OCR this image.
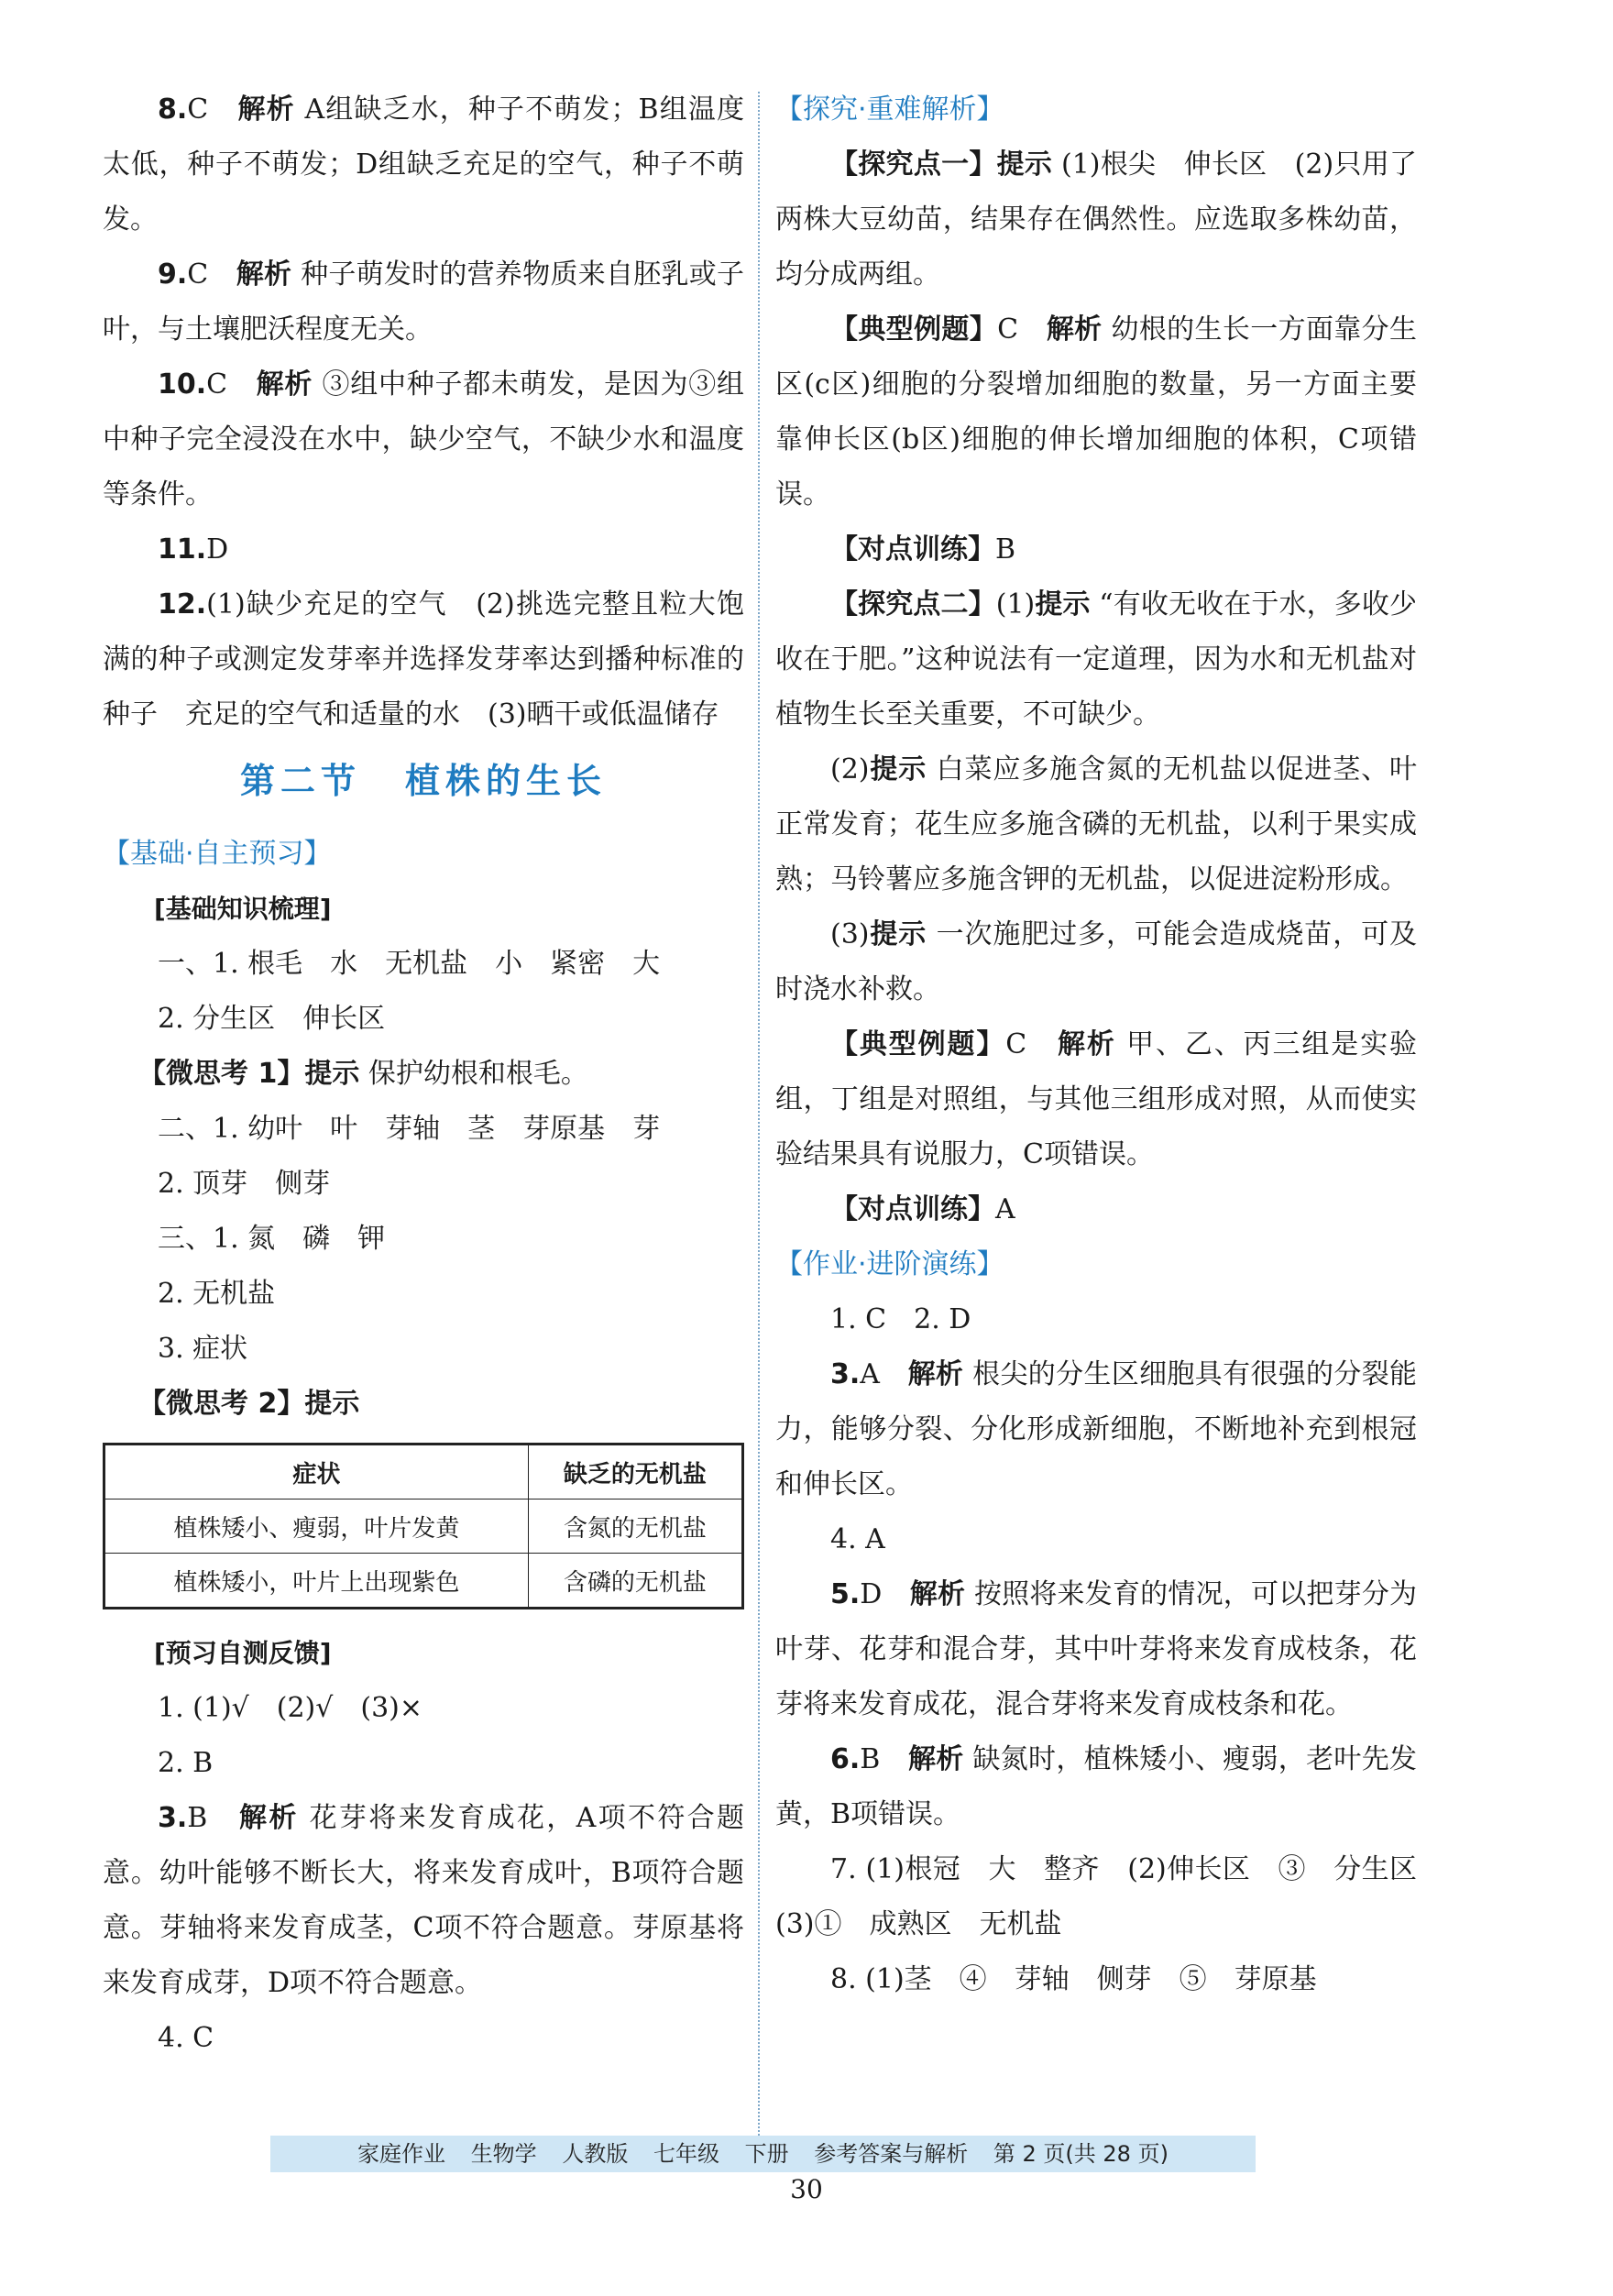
8.C　 解析 A组缺乏水，种子不萌发；B组温度太低，种子不萌发；D组缺乏充足的空气，种子不萌发。

9.C　 解析 种子萌发时的营养物质来自胚乳或子叶，与土壤肥沃程度无关。

10.C　 解析 ③组中种子都未萌发，是因为③组中种子完全浸没在水中，缺少空气，不缺少水和温度等条件。

11.D

12.(1)缺少充足的空气　(2)挑选完整且粒大饱满的种子或测定发芽率并选择发芽率达到播种标准的种子　充足的空气和适量的水　(3)晒干或低温储存

第二节 植株的生长

【基础·自主预习】

[基础知识梳理]

一、1. 根毛　水　无机盐　小　紧密　大

2. 分生区　伸长区

【微思考 1】提示 保护幼根和根毛。

二、1. 幼叶　叶　芽轴　茎　芽原基　芽

2. 顶芽　侧芽

三、1. 氮　磷　钾

2. 无机盐

3. 症状

【微思考 2】提示

症状	缺乏的无机盐
植株矮小、瘦弱，叶片发黄	含氮的无机盐
植株矮小，叶片上出现紫色	含磷的无机盐

[预习自测反馈]

1. (1)√　(2)√　(3)×

2. B

3.B　 解析 花芽将来发育成花，A项不符合题意。幼叶能够不断长大，将来发育成叶，B项符合题意。芽轴将来发育成茎，C项不符合题意。芽原基将来发育成芽，D项不符合题意。

4. C

【探究·重难解析】

【探究点一】提示 (1)根尖　伸长区　(2)只用了两株大豆幼苗，结果存在偶然性。应选取多株幼苗，均分成两组。

【典型例题】C　 解析 幼根的生长一方面靠分生区(c区)细胞的分裂增加细胞的数量，另一方面主要靠伸长区(b区)细胞的伸长增加细胞的体积，C项错误。

【对点训练】B

【探究点二】(1)提示 “有收无收在于水，多收少收在于肥。”这种说法有一定道理，因为水和无机盐对植物生长至关重要，不可缺少。

(2)提示 白菜应多施含氮的无机盐以促进茎、叶正常发育；花生应多施含磷的无机盐，以利于果实成熟；马铃薯应多施含钾的无机盐，以促进淀粉形成。

(3)提示 一次施肥过多，可能会造成烧苗，可及时浇水补救。

【典型例题】C　 解析 甲、乙、丙三组是实验组，丁组是对照组，与其他三组形成对照，从而使实验结果具有说服力，C项错误。

【对点训练】A

【作业·进阶演练】

1. C　2. D

3.A　 解析 根尖的分生区细胞具有很强的分裂能力，能够分裂、分化形成新细胞，不断地补充到根冠和伸长区。

4. A

5.D　 解析 按照将来发育的情况，可以把芽分为叶芽、花芽和混合芽，其中叶芽将来发育成枝条，花芽将来发育成花，混合芽将来发育成枝条和花。

6.B　 解析 缺氮时，植株矮小、瘦弱，老叶先发黄，B项错误。

7. (1)根冠　大　整齐　(2)伸长区　③　分生区　(3)①　成熟区　无机盐

8. (1)茎　④　芽轴　侧芽　⑤　芽原基

家庭作业 生物学 人教版 七年级 下册 参考答案与解析 第 2 页(共 28 页)
30
